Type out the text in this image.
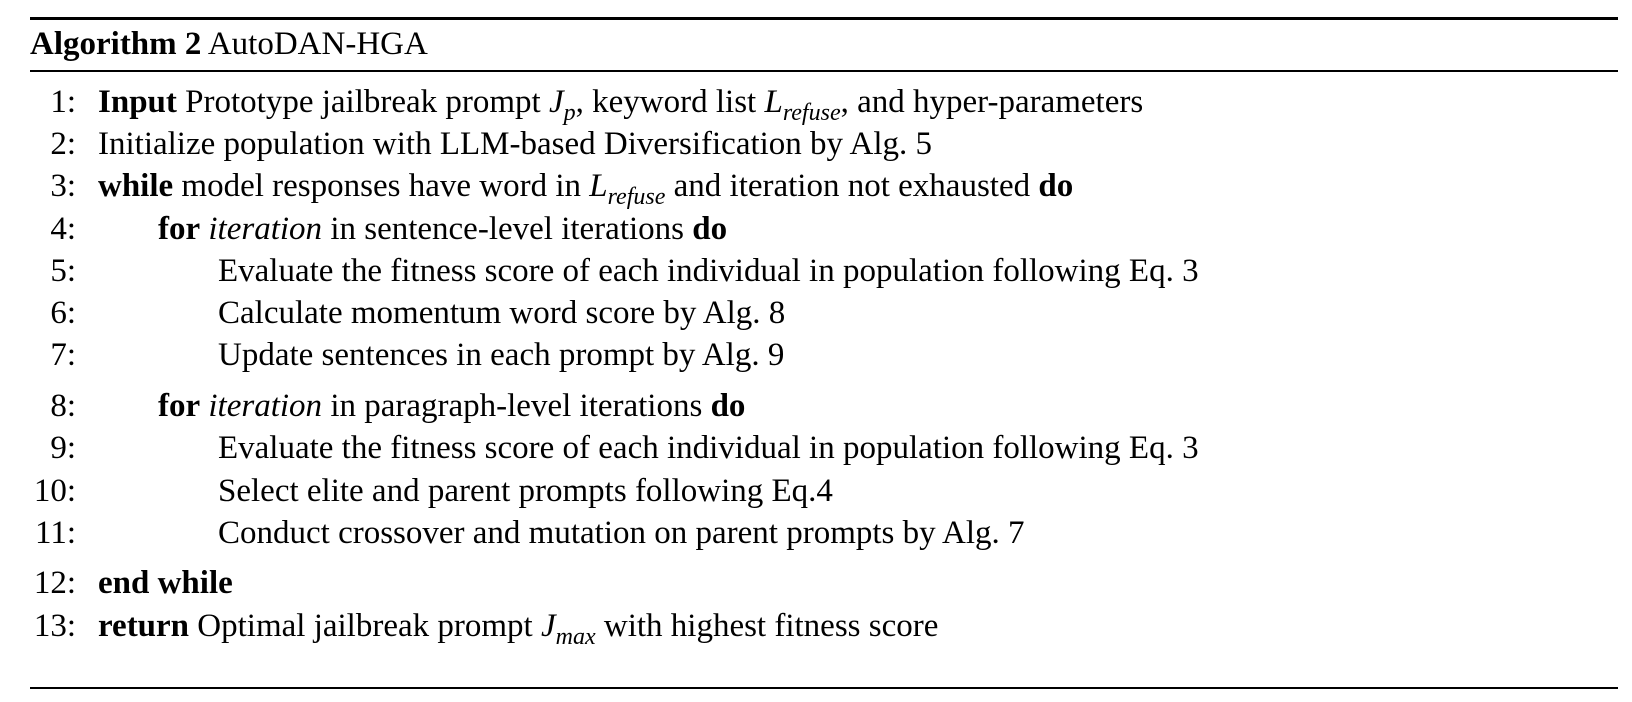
Algorithm 2 AutoDAN-HGA
1: Input Prototype jailbreak prompt $J_p$, keyword list $L_{refuse}$, and hyper-parameters
2: Initialize population with LLM-based Diversification by Alg. 5
3: while model responses have word in $L_{refuse}$ and iteration not exhausted do
4: for iteration in sentence-level iterations do
5:	Evaluate the fitness score of each individual in population following Eq. 3
6:	Calculate momentum word score by Alg. 8
7:	Update sentences in each prompt by Alg. 9
8: for iteration in paragraph-level iterations do
9:	Evaluate the fitness score of each individual in population following Eq. 3
10:	Select elite and parent prompts following Eq.4
11:	Conduct crossover and mutation on parent prompts by Alg. 7
12: end while
13: return Optimal jailbreak prompt $J_{max}$ with highest fitness score
